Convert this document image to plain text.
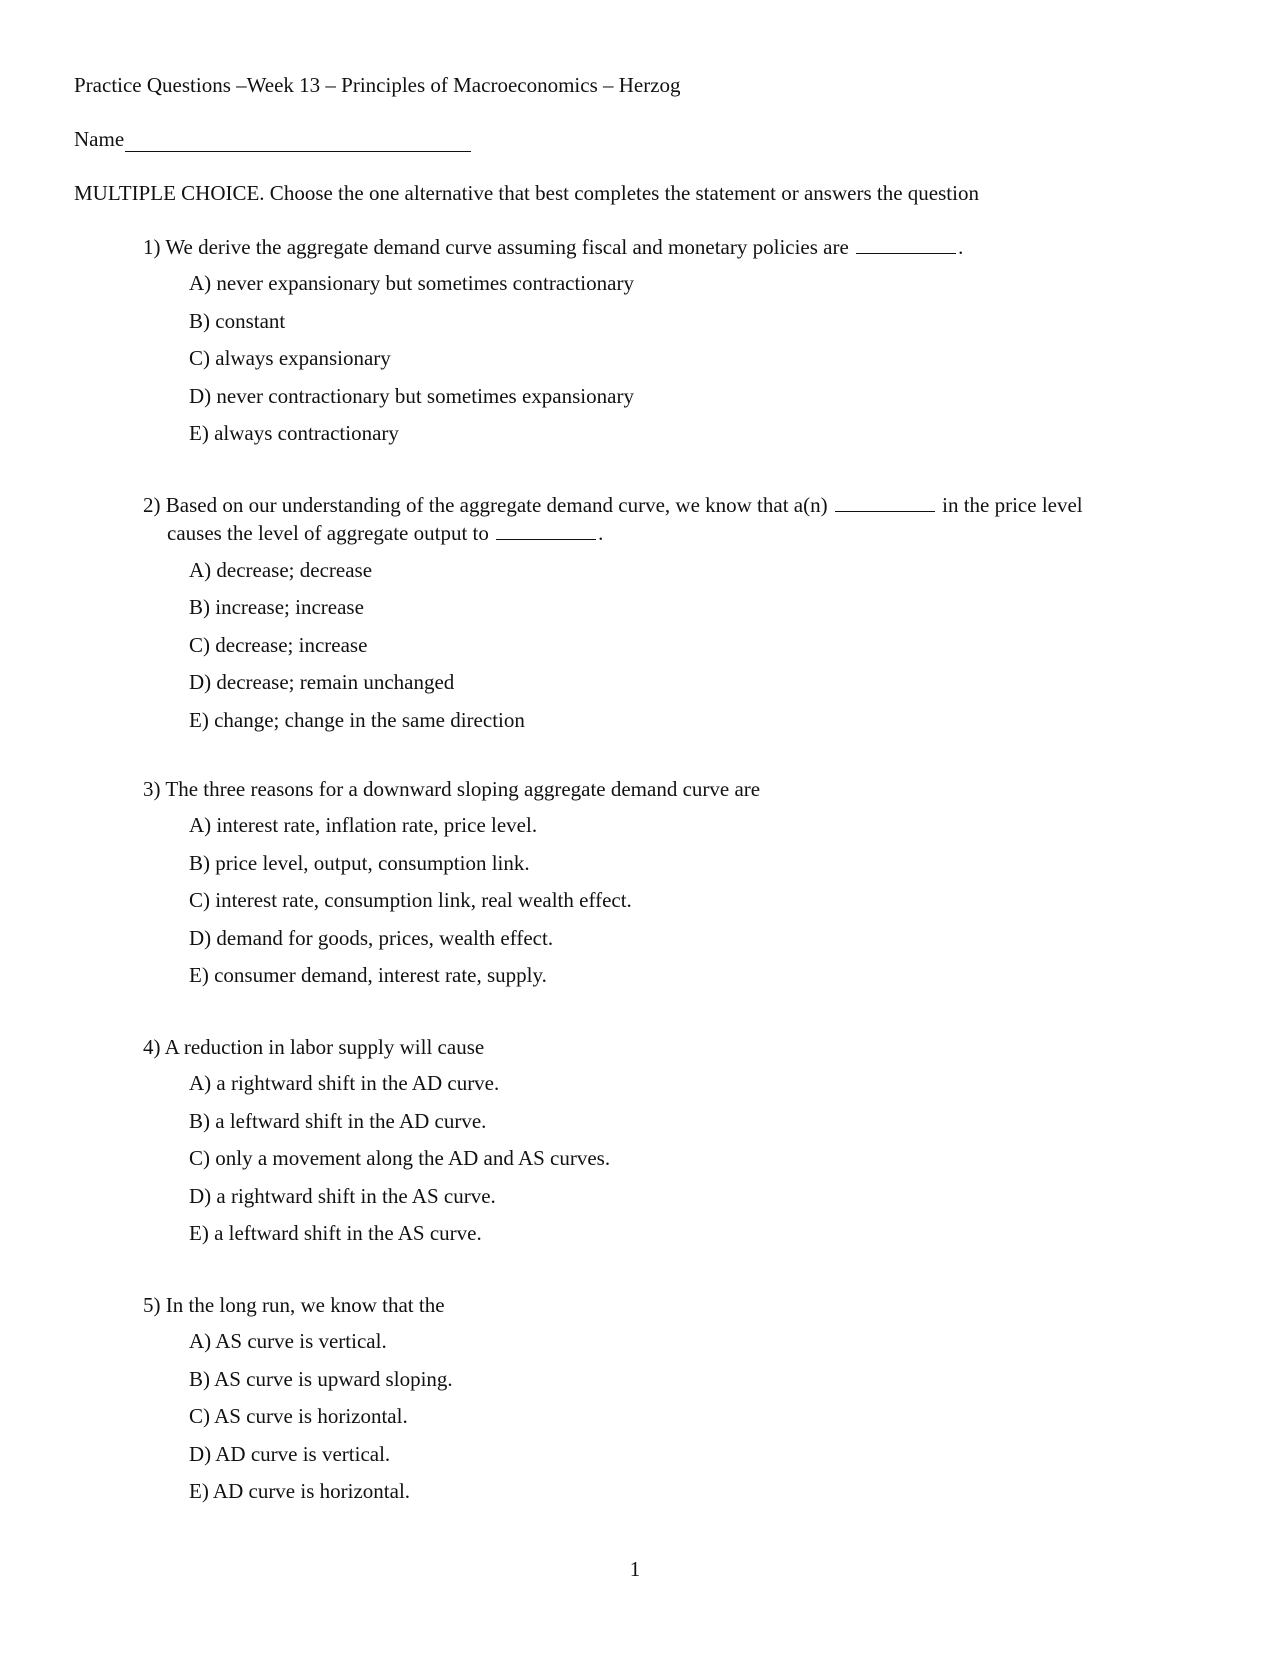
Practice Questions –Week 13 – Principles of Macroeconomics – Herzog
Name
MULTIPLE CHOICE. Choose the one alternative that best completes the statement or answers the question
1) We derive the aggregate demand curve assuming fiscal and monetary policies are	.
A) never expansionary but sometimes contractionary
B) constant
C) always expansionary
D) never contractionary but sometimes expansionary
E) always contractionary
2) Based on our understanding of the aggregate demand curve, we know that a(n)	in the price level
causes the level of aggregate output to	.
A) decrease; decrease
B) increase; increase
C) decrease; increase
D) decrease; remain unchanged
E) change; change in the same direction
3) The three reasons for a downward sloping aggregate demand curve are
A) interest rate, inflation rate, price level.
B) price level, output, consumption link.
C) interest rate, consumption link, real wealth effect.
D) demand for goods, prices, wealth effect.
E) consumer demand, interest rate, supply.
4) A reduction in labor supply will cause
A) a rightward shift in the AD curve.
B) a leftward shift in the AD curve.
C) only a movement along the AD and AS curves.
D) a rightward shift in the AS curve.
E) a leftward shift in the AS curve.
5) In the long run, we know that the
A) AS curve is vertical.
B) AS curve is upward sloping.
C) AS curve is horizontal.
D) AD curve is vertical.
E) AD curve is horizontal.
1
